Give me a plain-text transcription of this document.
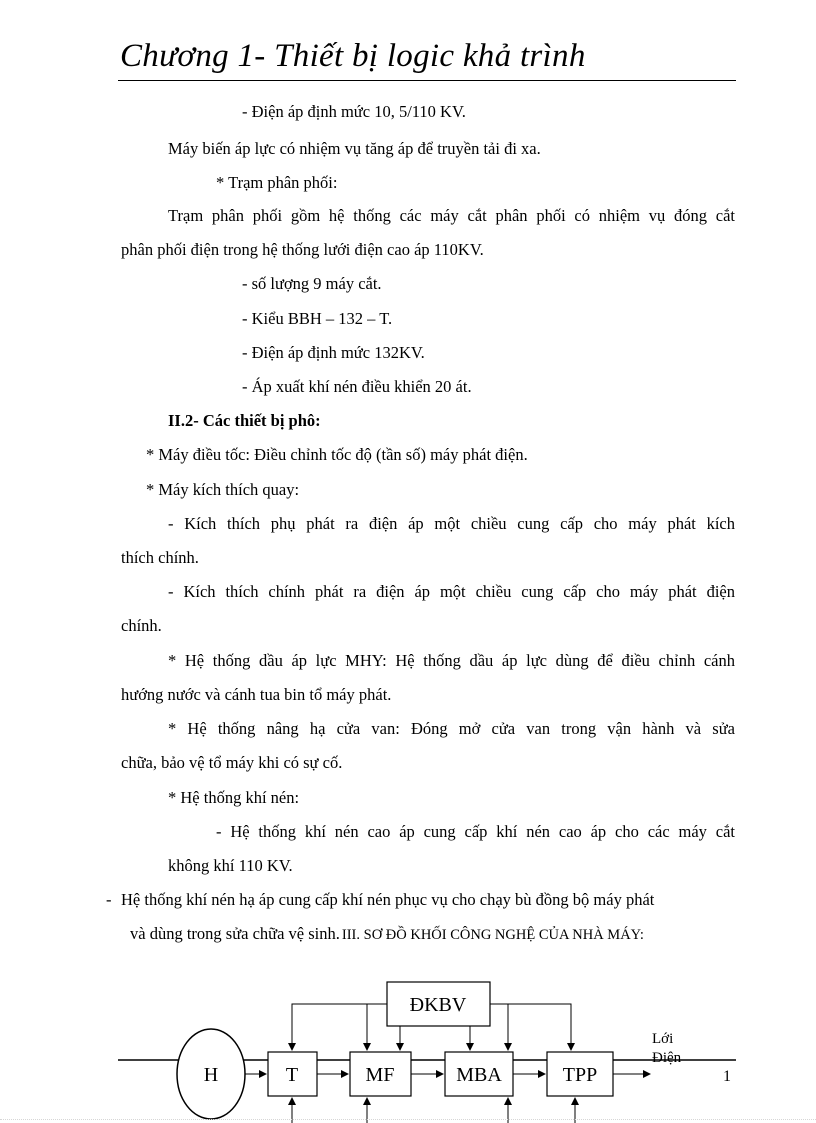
Chương 1- Thiết bị logic khả trình
- Điện áp định mức 10, 5/110 KV.
Máy biến áp lực có nhiệm vụ tăng áp để truyền tải đi xa.
* Trạm phân phối:
Trạm phân phối gồm hệ thống các máy cắt phân phối có nhiệm vụ đóng cắt
phân phối điện trong hệ thống lưới điện cao áp 110KV.
- số lượng 9 máy cắt.
- Kiểu BBH – 132 – T.
- Điện áp định mức 132KV.
- Áp xuất khí nén điều khiển 20 át.
II.2- Các thiết bị phô:
* Máy điều tốc: Điều chỉnh tốc độ (tần số) máy phát điện.
* Máy kích thích quay:
- Kích thích phụ phát ra điện áp một chiều cung cấp cho máy phát kích
thích chính.
- Kích thích chính phát ra điện áp một chiều cung cấp cho máy phát điện
chính.
* Hệ thống dầu áp lực MHY: Hệ thống dầu áp lực dùng để điều chỉnh cánh
hướng nước và cánh tua bin tổ máy phát.
* Hệ thống nâng hạ cửa van: Đóng mở cửa van trong vận hành và sửa
chữa, bảo vệ tổ máy khi có sự cố.
* Hệ thống khí nén:
- Hệ thống khí nén cao áp cung cấp khí nén cao áp cho các máy cắt
không khí 110 KV.
- Hệ thống khí nén hạ áp cung cấp khí nén phục vụ cho chạy bù đồng bộ máy phát
và dùng trong sửa chữa vệ sinh. III. SƠ ĐỒ KHỐI CÔNG NGHỆ CỦA NHÀ MÁY:
H	T	MF	MBA	TPP
ĐKBV
Lới
Điện
1
